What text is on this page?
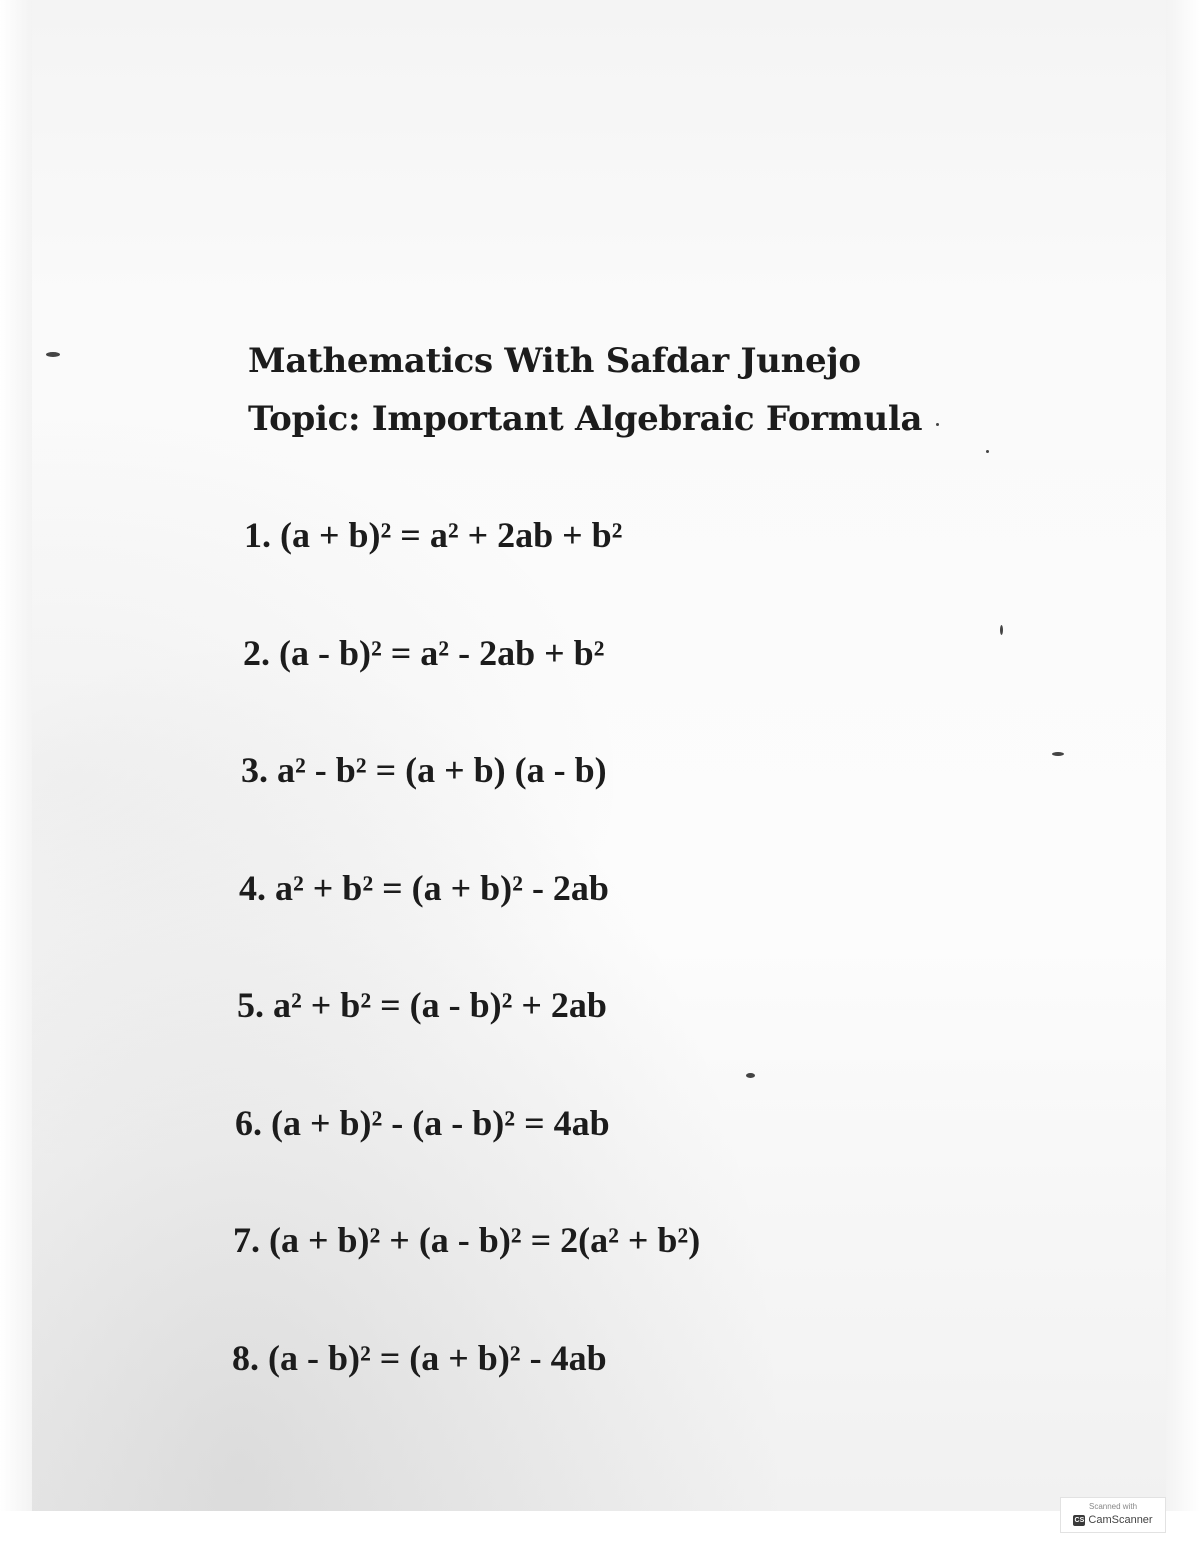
Mathematics With Safdar Junejo
Topic: Important Algebraic Formula
1. (a + b)² = a² + 2ab + b²
2. (a - b)² = a² - 2ab + b²
3. a² - b² = (a + b) (a - b)
4. a² + b² = (a + b)² - 2ab
5. a² + b² = (a - b)² + 2ab
6. (a + b)² - (a - b)² = 4ab
7. (a + b)² + (a - b)² = 2(a² + b²)
8. (a - b)² = (a + b)² - 4ab
Scanned with
CS CamScanner
